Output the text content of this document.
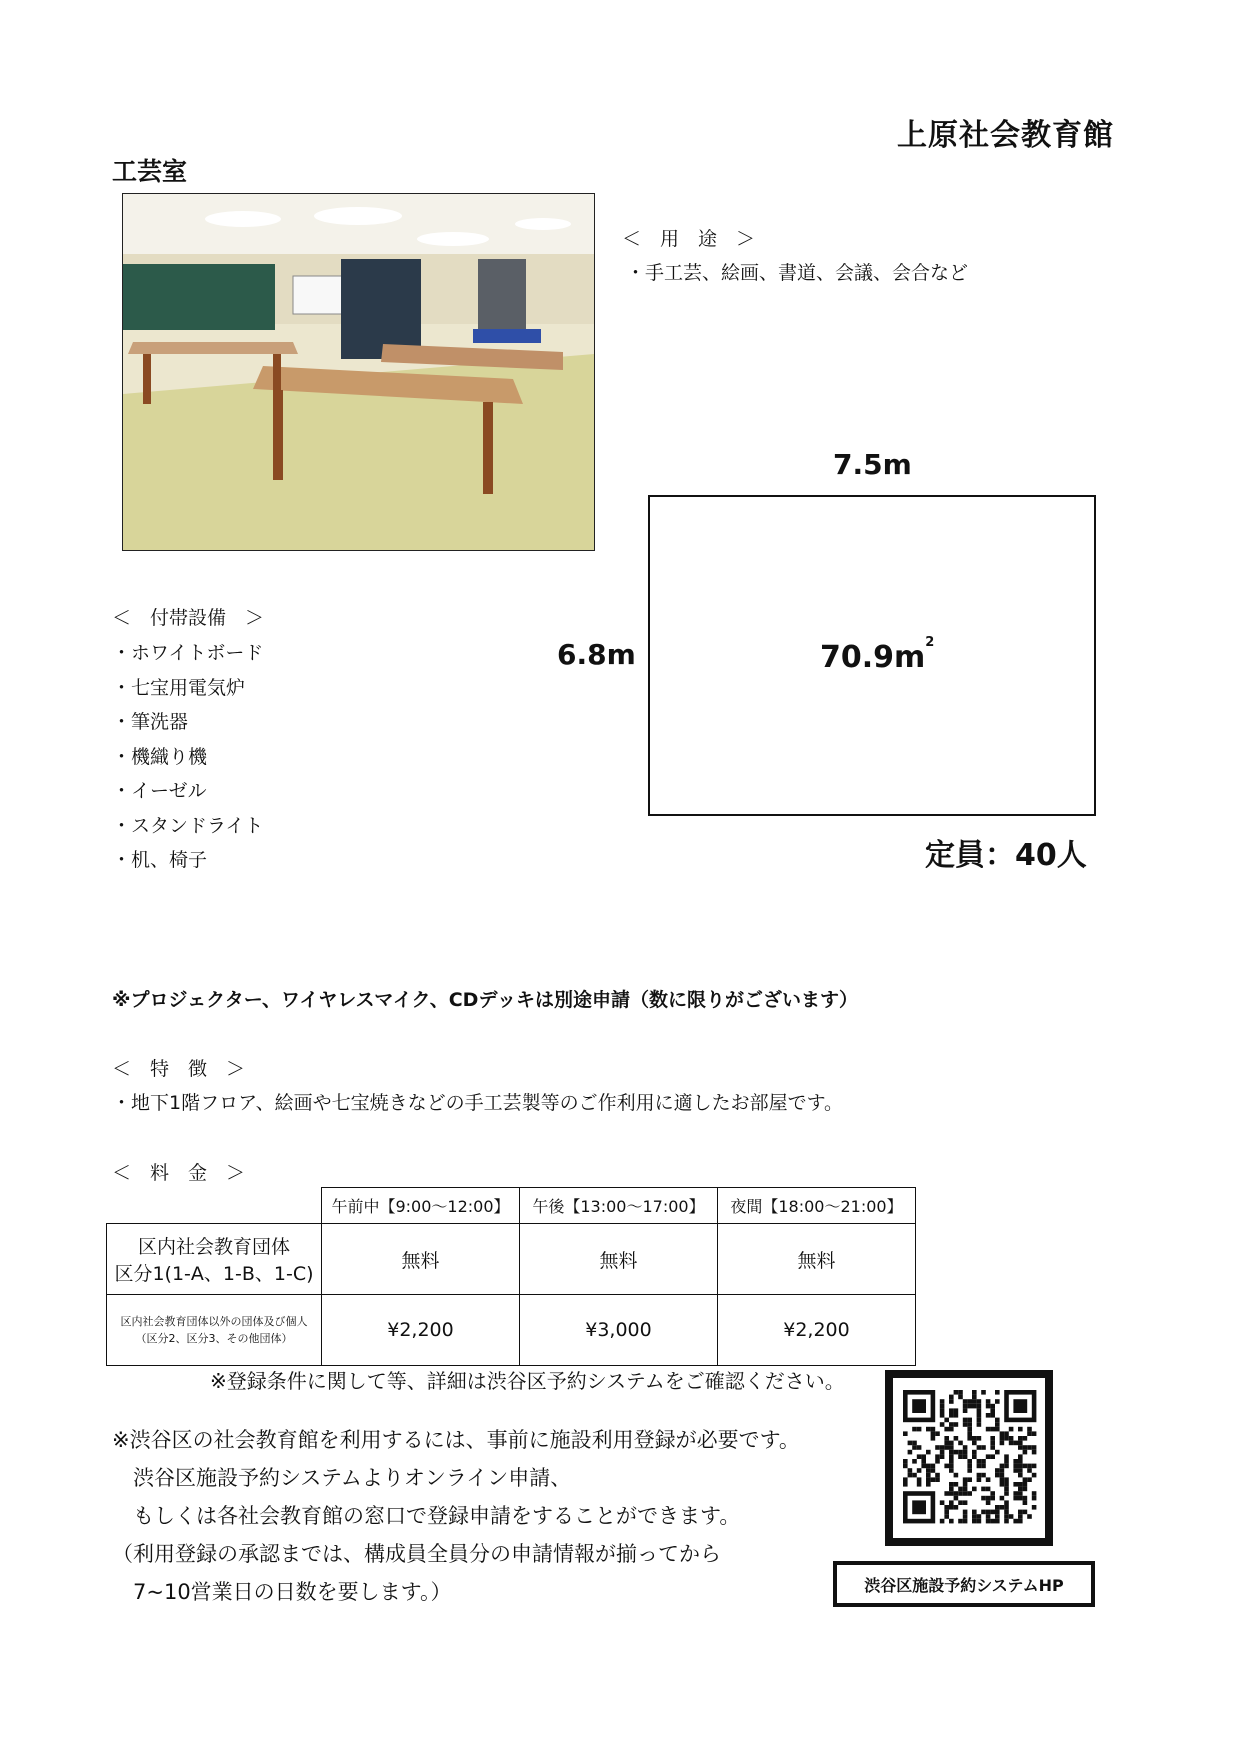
上原社会教育館
工芸室
＜　用　途　＞
・手工芸、絵画、書道、会議、会合など
7.5m
6.8m	$70.9m^2$
定員：40人
＜　付帯設備　＞
・ホワイトボード
・七宝用電気炉
・筆洗器
・機織り機
・イーゼル
・スタンドライト
・机、椅子
※プロジェクター、ワイヤレスマイク、CDデッキは別途申請（数に限りがございます）
＜　特　徴　＞
・地下1階フロア、絵画や七宝焼きなどの手工芸製等のご作利用に適したお部屋です。
＜　料　金　＞
	午前中【9:00～12:00】	午後【13:00～17:00】	夜間【18:00～21:00】

区内社会教育団体
区分1(1-A、1-B、1-C)	無料	無料	無料

区内社会教育団体以外の団体及び個人
（区分2、区分3、その他団体）	¥2,200	¥3,000	¥2,200
※登録条件に関して等、詳細は渋谷区予約システムをご確認ください。
※渋谷区の社会教育館を利用するには、事前に施設利用登録が必要です。
　渋谷区施設予約システムよりオンライン申請、
　もしくは各社会教育館の窓口で登録申請をすることができます。
（利用登録の承認までは、構成員全員分の申請情報が揃ってから
　7~10営業日の日数を要します。）	渋谷区施設予約システムHP
